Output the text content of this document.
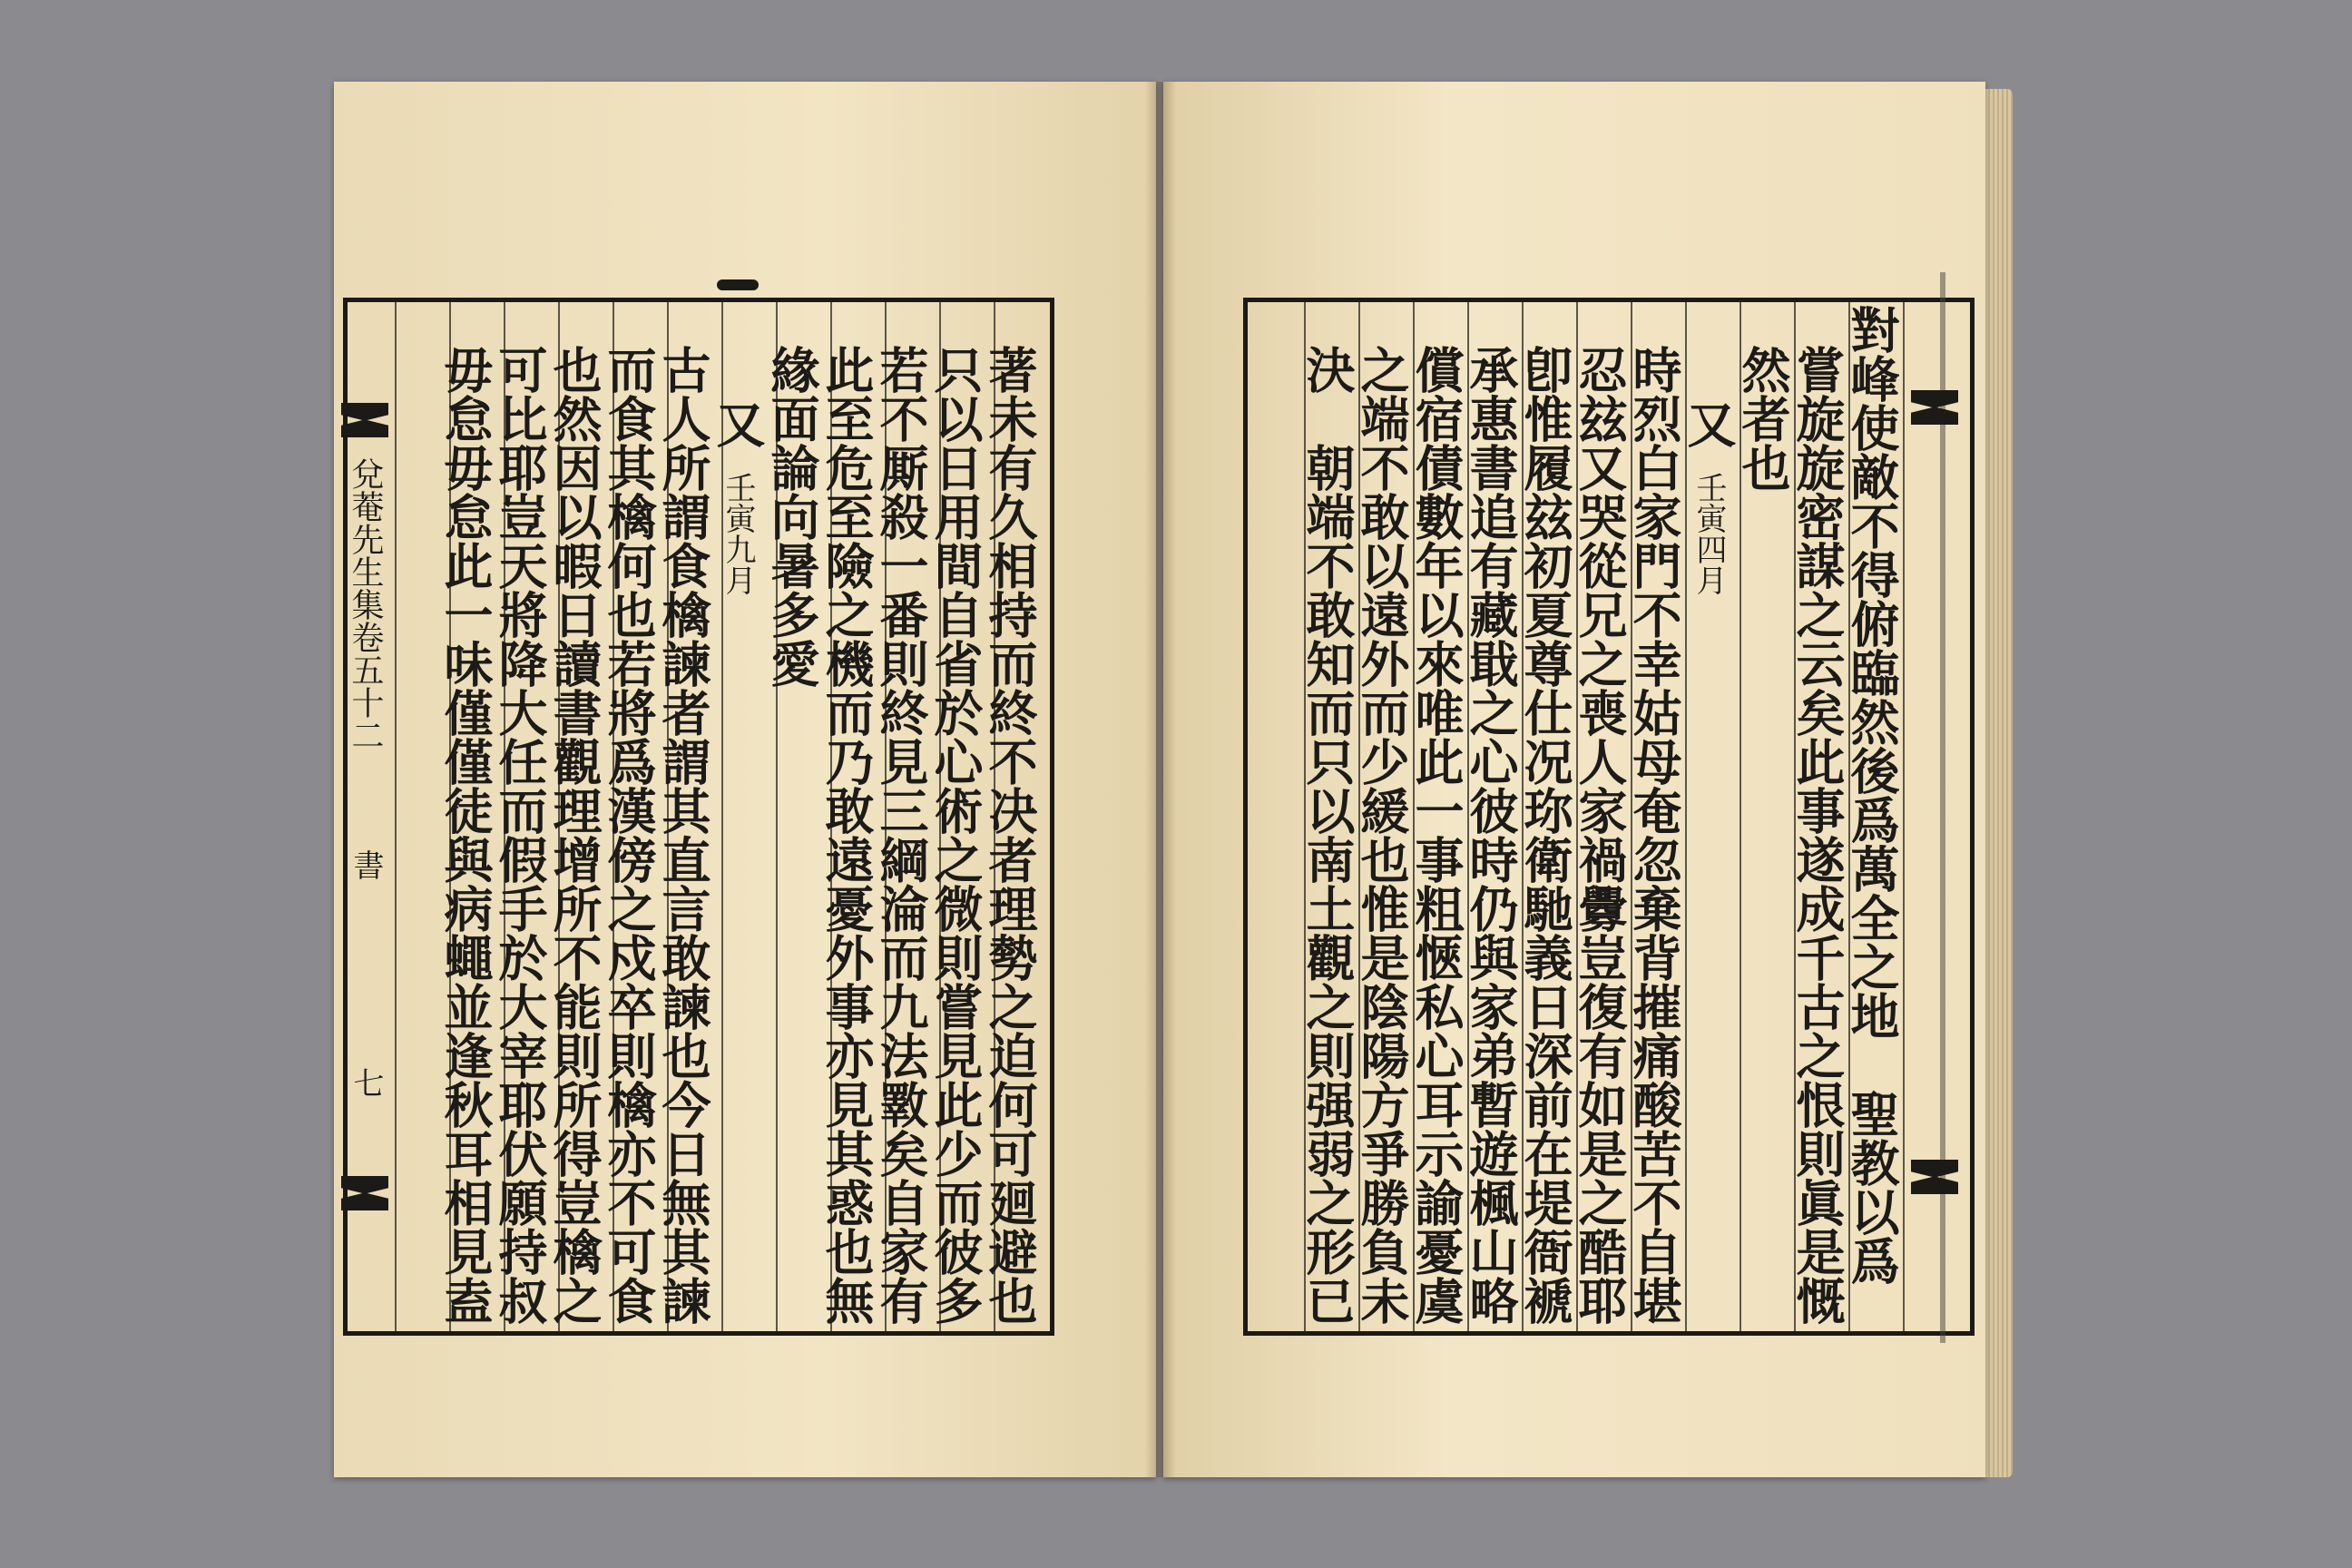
兌菴先生集卷五十二
書
七	著未有久相持而終不决者理勢之迫何可廻避也
只以日用間自省於心術之微則嘗見此少而彼多
若不厮殺一番則終見三綱淪而九法斁矣自家有
此至危至險之機而乃敢遠憂外事亦見其惑也無
緣面論向暑多愛
又
壬寅九月
古人所謂食檎諫者謂其直言敢諫也今日無其諫
而食其檎何也若將爲漢傍之戍卒則檎亦不可食
也然因以暇日讀書觀理增所不能則所得豈檎之
可比耶豈天將降大任而假手於大宰耶伏願持叔
毋怠毋怠此一味僅僅徒與病蠅並逢秋耳相見盍	對峰使敵不得俯臨然後爲萬全之地　聖教以爲
嘗旋旋密謀之云矣此事遂成千古之恨則眞是慨
然者也
又
壬寅四月
時烈白家門不幸姑母奄忽棄背摧痛酸苦不自堪
忍玆又哭從兄之喪人家禍釁豈復有如是之酷耶
卽惟履玆初夏尊仕况珎衛馳義日深前在堤衙褫
承惠書追有藏戢之心彼時仍與家弟暫遊楓山略
償宿債數年以來唯此一事粗愜私心耳示諭憂虞
之端不敢以遠外而少緩也惟是陰陽方爭勝負未
決　朝端不敢知而只以南土觀之則强弱之形已
